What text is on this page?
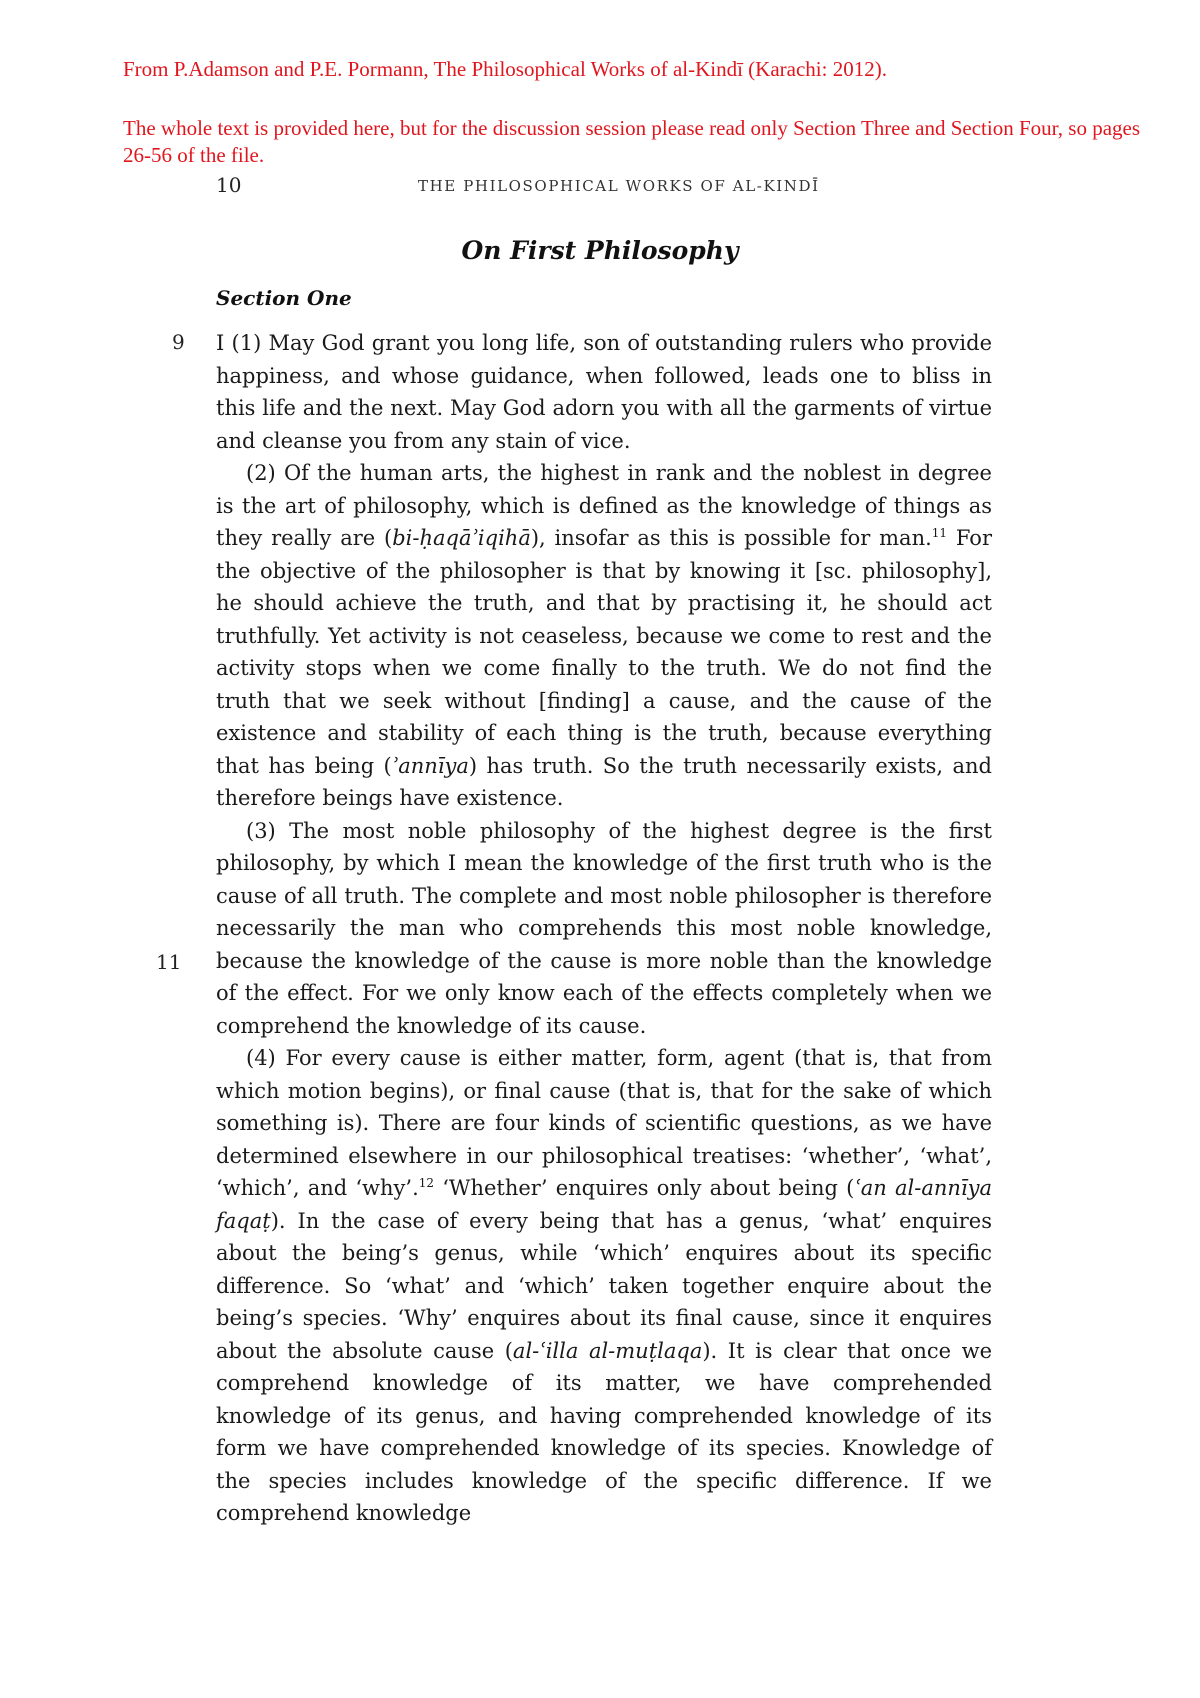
From P.Adamson and P.E. Pormann, The Philosophical Works of al-Kindī (Karachi: 2012).

The whole text is provided here, but for the discussion session please read only Section Three and Section Four, so pages 26-56 of the file.

10	THE PHILOSOPHICAL WORKS OF AL-KINDĪ
On First Philosophy
Section One
9
11

I (1) May God grant you long life, son of outstanding rulers who provide happiness, and whose guidance, when followed, leads one to bliss in this life and the next. May God adorn you with all the garments of virtue and cleanse you from any stain of vice.

(2) Of the human arts, the highest in rank and the noblest in degree is the art of philosophy, which is defined as the knowledge of things as they really are (bi-ḥaqāʾiqihā), insofar as this is possible for man.$^{11}$ For the objective of the philosopher is that by knowing it [sc. philosophy], he should achieve the truth, and that by practising it, he should act truthfully. Yet activity is not ceaseless, because we come to rest and the activity stops when we come finally to the truth. We do not find the truth that we seek without [finding] a cause, and the cause of the existence and stability of each thing is the truth, because everything that has being (ʾannīya) has truth. So the truth necessarily exists, and therefore beings have existence.

(3) The most noble philosophy of the highest degree is the first philosophy, by which I mean the knowledge of the first truth who is the cause of all truth. The complete and most noble philosopher is therefore necessarily the man who comprehends this most noble knowledge, because the knowledge of the cause is more noble than the knowledge of the effect. For we only know each of the effects completely when we comprehend the knowledge of its cause.

(4) For every cause is either matter, form, agent (that is, that from which motion begins), or final cause (that is, that for the sake of which something is). There are four kinds of scientific questions, as we have determined elsewhere in our philosophical treatises: ‘whether’, ‘what’, ‘which’, and ‘why’.$^{12}$ ‘Whether’ enquires only about being (ʿan al-annīya faqaṭ). In the case of every being that has a genus, ‘what’ enquires about the being’s genus, while ‘which’ enquires about its specific difference. So ‘what’ and ‘which’ taken together enquire about the being’s species. ‘Why’ enquires about its final cause, since it enquires about the absolute cause (al-ʿilla al-muṭlaqa). It is clear that once we comprehend knowledge of its matter, we have comprehended knowledge of its genus, and having comprehended knowledge of its form we have comprehended knowledge of its species. Knowledge of the species includes knowledge of the specific difference. If we comprehend knowledge
